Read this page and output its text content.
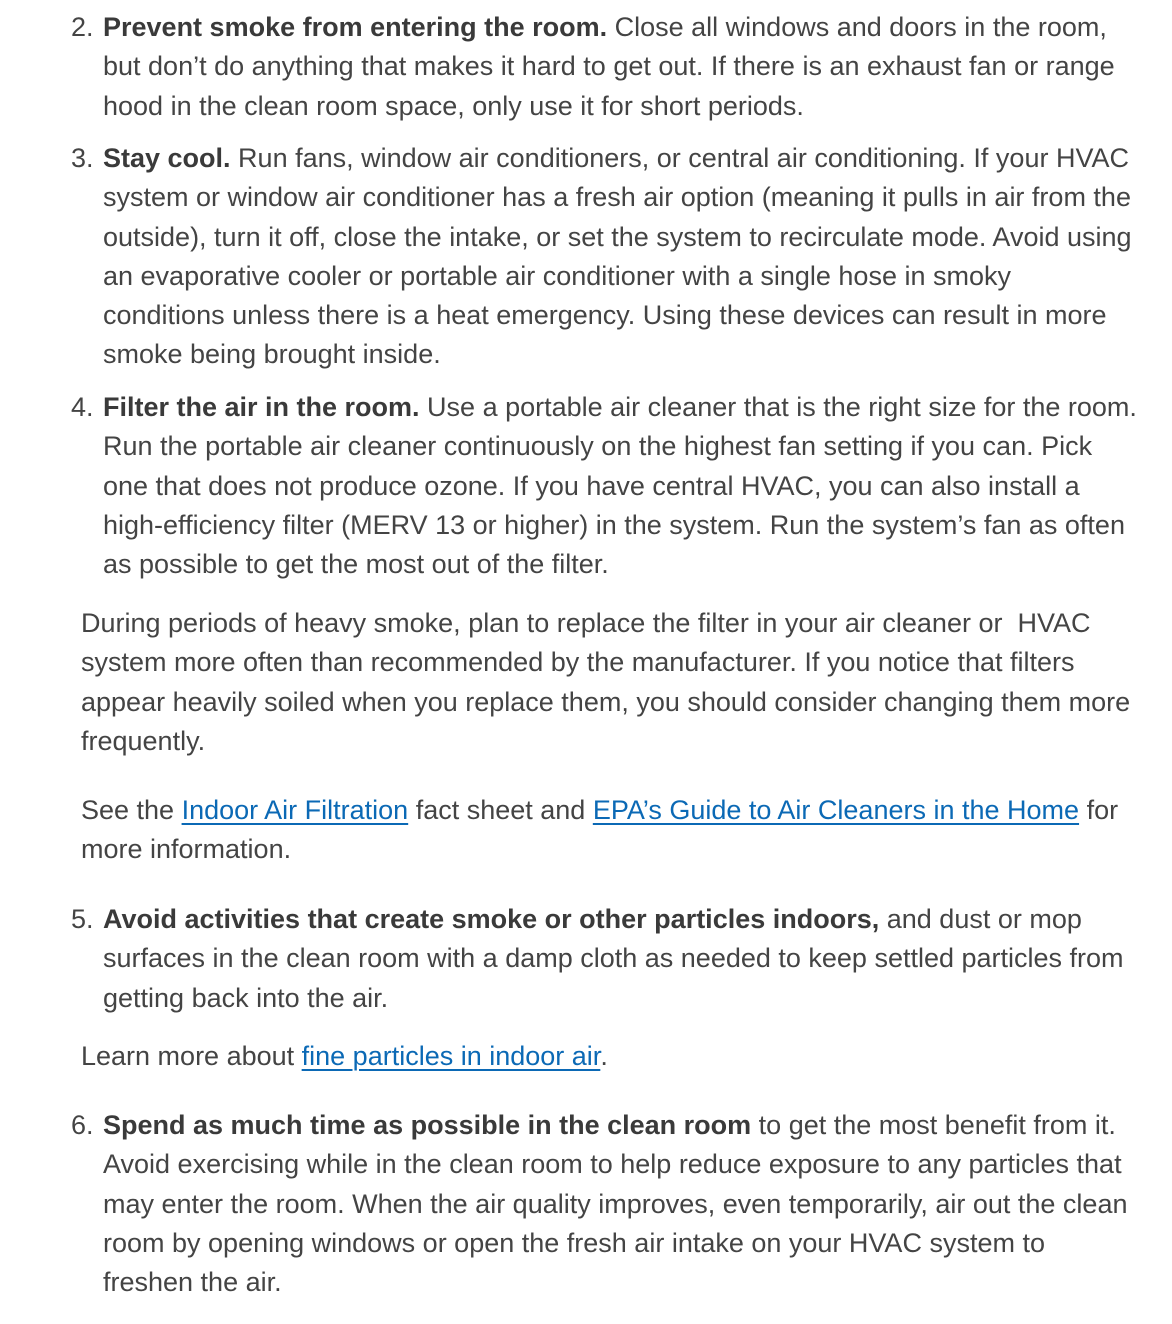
2. Prevent smoke from entering the room. Close all windows and doors in the room, but don’t do anything that makes it hard to get out. If there is an exhaust fan or range hood in the clean room space, only use it for short periods.
3. Stay cool. Run fans, window air conditioners, or central air conditioning. If your HVAC system or window air conditioner has a fresh air option (meaning it pulls in air from the outside), turn it off, close the intake, or set the system to recirculate mode. Avoid using an evaporative cooler or portable air conditioner with a single hose in smoky conditions unless there is a heat emergency. Using these devices can result in more smoke being brought inside.
4. Filter the air in the room. Use a portable air cleaner that is the right size for the room. Run the portable air cleaner continuously on the highest fan setting if you can. Pick one that does not produce ozone. If you have central HVAC, you can also install a high-efficiency filter (MERV 13 or higher) in the system. Run the system’s fan as often as possible to get the most out of the filter.

During periods of heavy smoke, plan to replace the filter in your air cleaner or  HVAC system more often than recommended by the manufacturer. If you notice that filters appear heavily soiled when you replace them, you should consider changing them more frequently.

See the Indoor Air Filtration fact sheet and EPA’s Guide to Air Cleaners in the Home for more information.

5. Avoid activities that create smoke or other particles indoors, and dust or mop surfaces in the clean room with a damp cloth as needed to keep settled particles from getting back into the air.

Learn more about fine particles in indoor air.

6. Spend as much time as possible in the clean room to get the most benefit from it. Avoid exercising while in the clean room to help reduce exposure to any particles that may enter the room. When the air quality improves, even temporarily, air out the clean room by opening windows or open the fresh air intake on your HVAC system to freshen the air.
